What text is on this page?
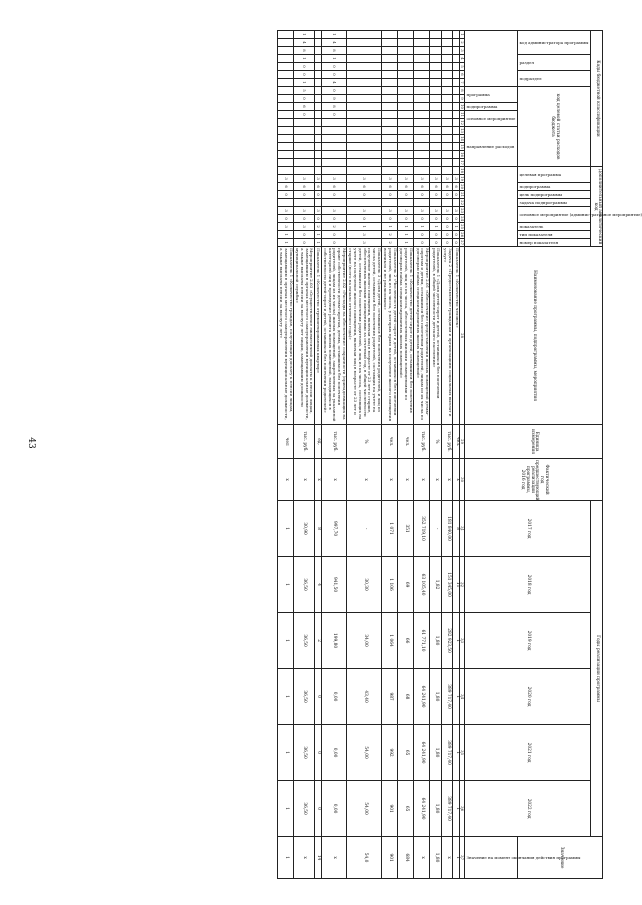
43
Коды бюджетной классификации																	Дополнительный аналитический код										Наименование программы, подпрограммы, мероприятия	Единица измерения	Фактический год предшествующий реализации программы, 2016 год	Годы реализации программы						Значение

код администратора программы			раздел		подраздел		код целевой статьи расходов бюджета										целевая программа		подпрограмма	цель подпрограммы	задача подпрограммы	основное мероприятие (административное мероприятие)		показатель	тип показателя	номер показателя				2017 год	2018 год	2019 год	2020 год	2021 год	2022 год	

							программа		подпрограмма	основное мероприятие		направление расходов																								Значение на момент окончания действия программы

1	2	3	4	5	6	7	8	9	10	11	12	13	14	15	16	17	18	19	20	21	22	23	24	25	26	27	28	29	30	31	32	33	34	35	36	37
																		3	6	0		3	0	1	0	0	Показатель 1 «Количество человек»	чел.	х	8	11	1	1	1	1	1
																		3	6	0		3	0	0	0	0	Задача 2 «Предоставление гражданам и организациям социальных выплат и услуг»	тыс. руб.	х	181 840,00	151 345,00	282 923,50	389 717,40	389 717,40	389 717,40	х
																		3	6	0		3	0	1	0	0	Показатель 1 «Доля детей-сирот и детей, оставшихся без попечения родителей, в общей численности детского населения»	%	х	-	1,82	1,80	1,80	1,80	1,80	1,80
																		3	6	0		3	0	1	0	0	Мероприятие 2.01 «Обеспечение предоставления жилых помещений детям-сиротам и детям, оставшимся без попечения родителей, лицам из их числа по договорам найма специализированных жилых помещений»	тыс. руб.	х	352 719,10	63 105,40	61 771,10	64 241,90	64 241,90	64 241,90	х
																		3	6	0		3	0	1	1	1	Показатель 1 «Количество детей-сирот и детей, оставшихся без попечения родителей, лиц из их числа, обеспеченных жилыми помещениями по договорам найма специализированных жилых помещений»	чел.	х	351	69	66	68	65	65	684
																		3	6	0		3	0	1	2	2	Показатель 2 «Численность детей-сирот и детей, оставшихся без попечения родителей, лиц из их числа, у которых право на получение жилого помещения возникло и не реализовано»	чел.	х	1 071	1 106	1 064	987	992	901	901
																		3	6	0		3	0	1	3	3	Показатель 3 «Доля детей, оставшихся без попечения родителей, и лиц из числа детей, оставшихся без попечения родителей, состоящих на учете на получение жилого помещения, включая лиц в возрасте от 23 лет и старше, обеспеченных жилыми помещениями за отчетный год, в общей численности детей, оставшихся без попечения родителей, и лиц из их числа, состоящих на учете на получение жилого помещения, включая лиц в возрасте от 23 лет и старше (всего на начало отчетного года)»	%	х	-	30,30	34,00	43,40	54,00	54,00	54,0
1	4	8	1	0	0	4	0	9	8	0								3	6	0		3	0	2	0	0	Мероприятие 2.02 «Расходы на обеспечение сохранности (принадлежащих на праве собственности детям-сиротам, детям, оставшимся без попечения родителей, лицам из их числа) жилых помещений, закрепленных за указанной категорией лиц и проведение ремонта жилых помещений, находящихся в собственности детей-сирот и детей, оставшихся без попечения родителей»	тыс. руб.	х	997,70	941,50	199,80	0,00	0,00	0,00	х
																		3	6	0		3	0	2	1	1	Показатель 1 «Количество отремонтированных квартир»	ед.	х	8	4	2	0	0	0	14
1	4	8	1	0	0	1	5	0	6	0								3	6	0		3	0	3	0	0	Мероприятие 2.03 «Осуществление ежемесячной доплаты к пенсии лицам, замещавшим в органах местного самоуправления муниципальные должности, а также выплаты пенсии за выслугу лет лицам, замещавшим должности муниципальной службы»	тыс. руб.	х	30,90	36,50	36,50	36,50	36,50	36,50	х
																		3	6	0		3	0	3	1	1	Показатель 1 «Количество граждан, получающих доплату к пенсии лицам, замещавшим в органах местного самоуправления муниципальные должности, а также выплаты пенсии за выслугу лет»	чел	х	1	1	1	1	1	1	1
